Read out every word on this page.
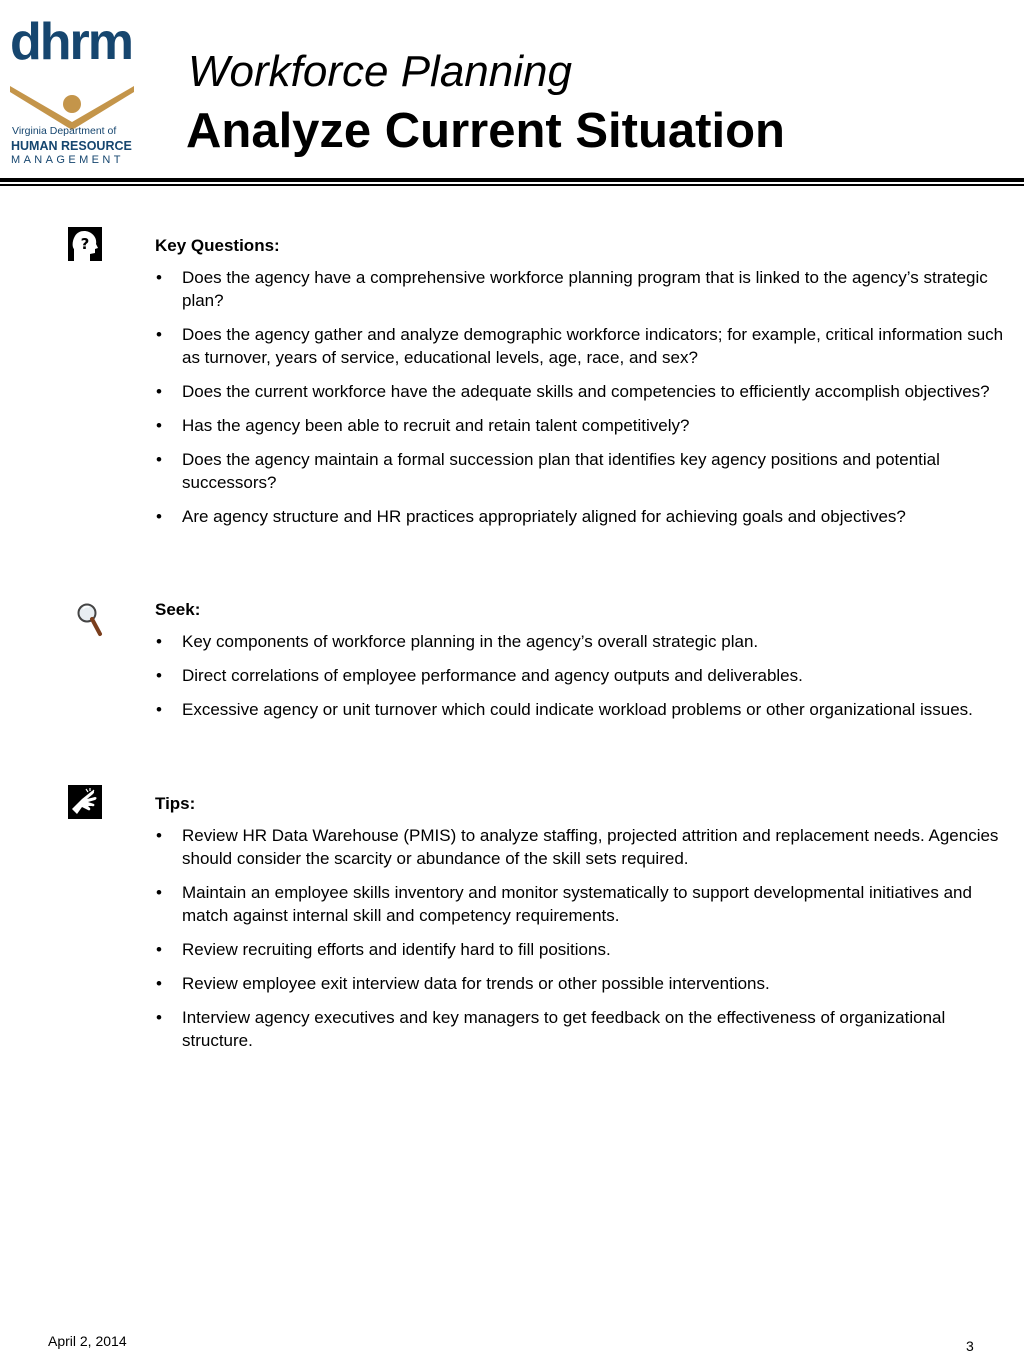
dhrm
Virginia Department of
HUMAN RESOURCE
MANAGEMENT
Workforce Planning
Analyze Current Situation
?	Key Questions:
• Does the agency have a comprehensive workforce planning program that is linked to the agency’s strategic plan?
• Does the agency gather and analyze demographic workforce indicators; for example, critical information such as turnover, years of service, educational levels, age, race, and sex?
• Does the current workforce have the adequate skills and competencies to efficiently accomplish objectives?
• Has the agency been able to recruit and retain talent competitively?
• Does the agency maintain a formal succession plan that identifies key agency positions and potential successors?
• Are agency structure and HR practices appropriately aligned for achieving goals and objectives?
Seek:
• Key components of workforce planning in the agency’s overall strategic plan.
• Direct correlations of employee performance and agency outputs and deliverables.
• Excessive agency or unit turnover which could indicate workload problems or other organizational issues.
Tips:
• Review HR Data Warehouse (PMIS) to analyze staffing, projected attrition and replacement needs. Agencies should consider the scarcity or abundance of the skill sets required.
• Maintain an employee skills inventory and monitor systematically to support developmental initiatives and match against internal skill and competency requirements.
• Review recruiting efforts and identify hard to fill positions.
• Review employee exit interview data for trends or other possible interventions.
• Interview agency executives and key managers to get feedback on the effectiveness of organizational structure.
April 2, 2014	3
